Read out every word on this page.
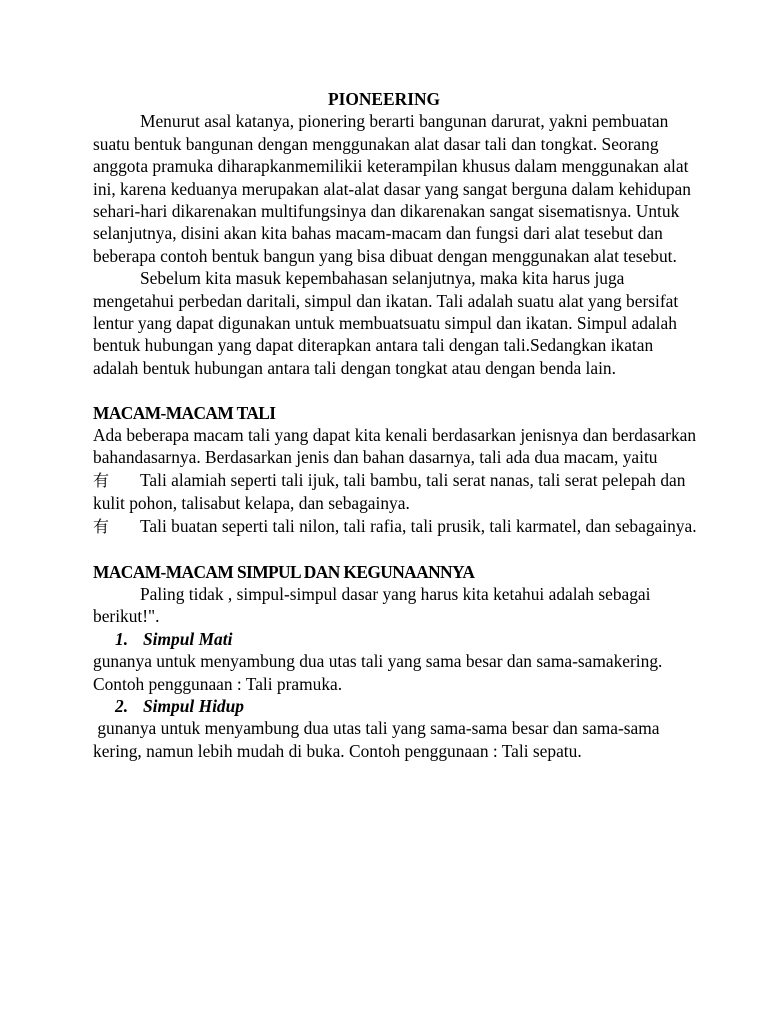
PIONEERING

Menurut asal katanya, pionering berarti bangunan darurat, yakni pembuatan suatu bentuk bangunan dengan menggunakan alat dasar tali dan tongkat. Seorang anggota pramuka diharapkanmemilikii keterampilan khusus dalam menggunakan alat ini, karena keduanya merupakan alat-alat dasar yang sangat berguna dalam kehidupan sehari-hari dikarenakan multifungsinya dan dikarenakan sangat sisematisnya. Untuk selanjutnya, disini akan kita bahas macam-macam dan fungsi dari alat tesebut dan beberapa contoh bentuk bangun yang bisa dibuat dengan menggunakan alat tesebut.

Sebelum kita masuk kepembahasan selanjutnya, maka kita harus juga mengetahui perbedan daritali, simpul dan ikatan. Tali adalah suatu alat yang bersifat lentur yang dapat digunakan untuk membuatsuatu simpul dan ikatan. Simpul adalah bentuk hubungan yang dapat diterapkan antara tali dengan tali.Sedangkan ikatan adalah bentuk hubungan antara tali dengan tongkat atau dengan benda lain.

MACAM-MACAM TALI

Ada beberapa macam tali yang dapat kita kenali berdasarkan jenisnya dan berdasarkan bahandasarnya. Berdasarkan jenis dan bahan dasarnya, tali ada dua macam, yaitu

有 Tali alamiah seperti tali ijuk, tali bambu, tali serat nanas, tali serat pelepah dan kulit pohon, talisabut kelapa, dan sebagainya.

有 Tali buatan seperti tali nilon, tali rafia, tali prusik, tali karmatel, dan sebagainya.

MACAM-MACAM SIMPUL DAN KEGUNAANNYA

Paling tidak , simpul-simpul dasar yang harus kita ketahui adalah sebagai berikut!".

1. Simpul Mati

gunanya untuk menyambung dua utas tali yang sama besar dan sama-samakering. Contoh penggunaan : Tali pramuka.

2. Simpul Hidup

gunanya untuk menyambung dua utas tali yang sama-sama besar dan sama-sama kering, namun lebih mudah di buka. Contoh penggunaan : Tali sepatu.
